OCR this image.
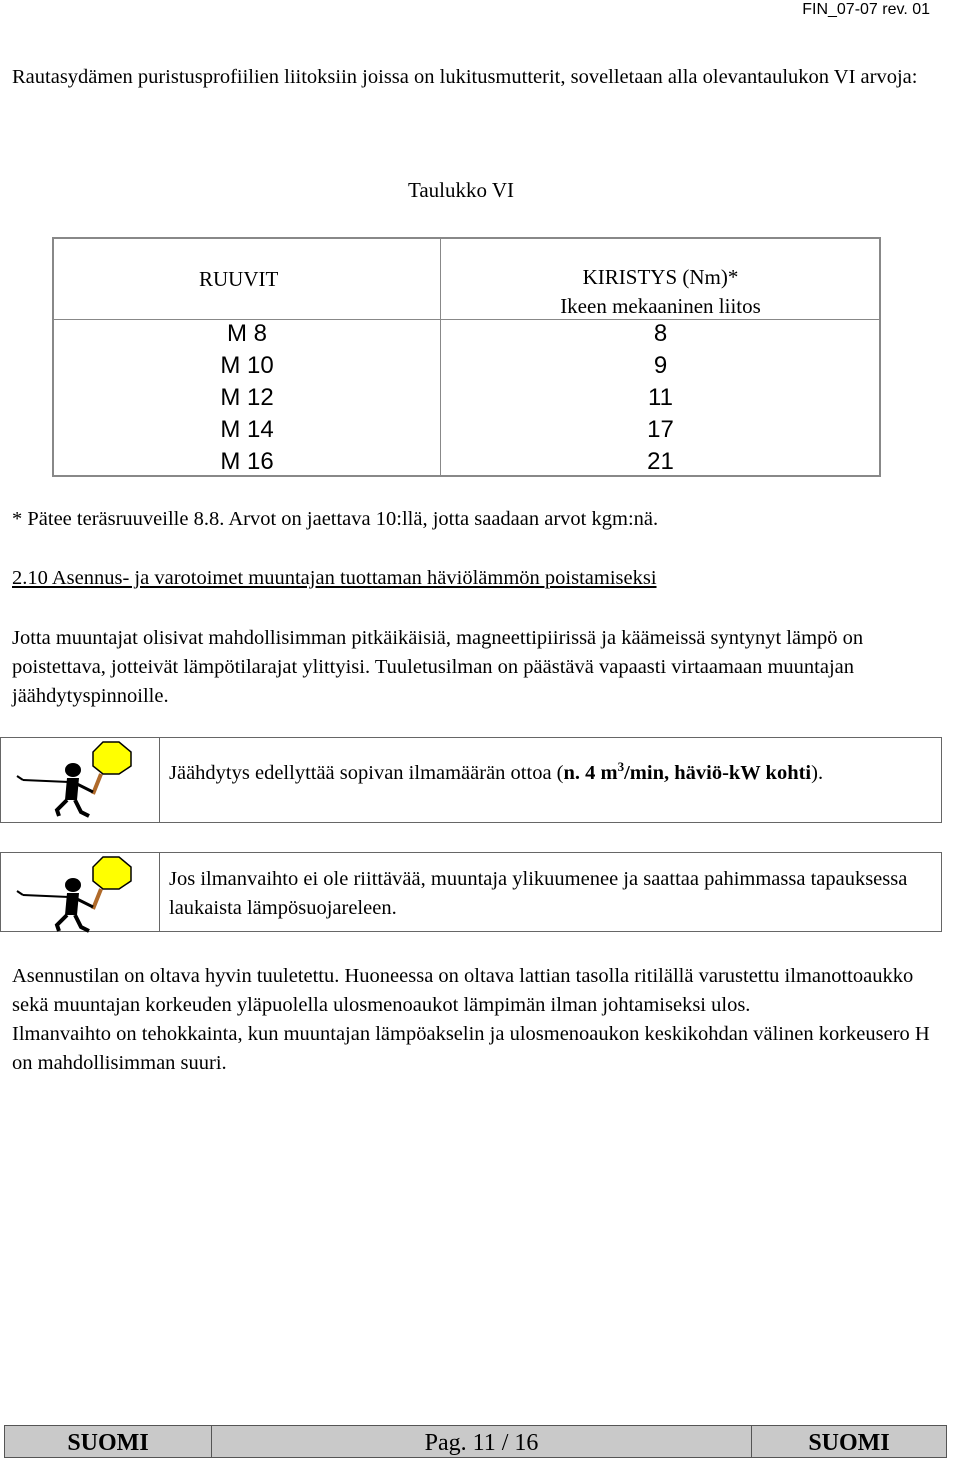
FIN_07-07 rev. 01
Rautasydämen puristusprofiilien liitoksiin joissa on lukitusmutterit, sovelletaan alla olevantaulukon VI arvoja:
Taulukko VI
RUUVIT	KIRISTYS (Nm)*
Ikeen mekaaninen liitos
M 8	8
M 10	9
M 12	11
M 14	17
M 16	21
* Pätee teräsruuveille 8.8. Arvot on jaettava 10:llä, jotta saadaan arvot kgm:nä.
2.10 Asennus- ja varotoimet muuntajan tuottaman häviölämmön poistamiseksi
Jotta muuntajat olisivat mahdollisimman pitkäikäisiä, magneettipiirissä ja käämeissä syntynyt lämpö on poistettava, jotteivät lämpötilarajat ylittyisi. Tuuletusilman on päästävä vapaasti virtaamaan muuntajan jäähdytyspinnoille.
Jäähdytys edellyttää sopivan ilmamäärän ottoa (n. 4 $m^3/\min$, häviö-kW kohti).
Jos ilmanvaihto ei ole riittävää, muuntaja ylikuumenee ja saattaa pahimmassa tapauksessa laukaista lämpösuojareleen.
Asennustilan on oltava hyvin tuuletettu. Huoneessa on oltava lattian tasolla ritilällä varustettu ilmanottoaukko sekä muuntajan korkeuden yläpuolella ulosmenoaukot lämpimän ilman johtamiseksi ulos.
Ilmanvaihto on tehokkainta, kun muuntajan lämpöakselin ja ulosmenoaukon keskikohdan välinen korkeusero H on mahdollisimman suuri.
SUOMI	Pag. 11 / 16	SUOMI
